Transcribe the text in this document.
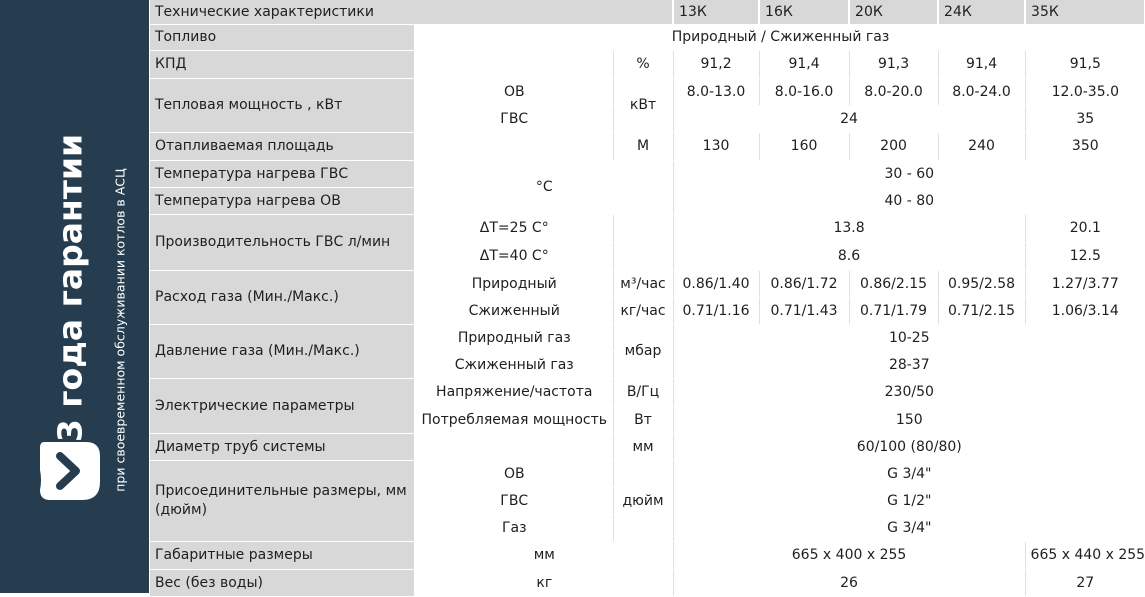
3 года гарантии при своевременном обслуживании котлов в АСЦ
Технические характеристики			13К	16К	20К	24К	35К
Топливо	Природный / Сжиженный газ						
КПД		%	91,2	91,4	91,3	91,4	91,5
Тепловая мощность , кВт	ОВ	кВт	8.0-13.0	8.0-16.0	8.0-20.0	8.0-24.0	12.0-35.0
	ГВС		24				35
Отапливаемая площадь		М	130	160	200	240	350
Температура нагрева ГВС	°С		30 - 60				
Температура нагрева ОВ			40 - 80				
Производительность ГВС л/мин	ΔT=25 С°		13.8				20.1
	ΔT=40 С°		8.6				12.5
Расход газа (Мин./Макс.)	Природный	м³/час	0.86/1.40	0.86/1.72	0.86/2.15	0.95/2.58	1.27/3.77
	Сжиженный	кг/час	0.71/1.16	0.71/1.43	0.71/1.79	0.71/2.15	1.06/3.14
Давление газа (Мин./Макс.)	Природный газ	мбар	10-25				
	Сжиженный газ		28-37				
Электрические параметры	Напряжение/частота	В/Гц	230/50				
	Потребляемая мощность	Вт	150				
Диаметр труб системы		мм	60/100 (80/80)				
Присоединительные размеры, мм
(дюйм)	ОВ	дюйм	G 3/4"				
	ГВС		G 1/2"				
	Газ		G 3/4"				
Габаритные размеры	мм		665 х 400 х 255				665 х 440 х 255
Вес (без воды)	кг		26				27
